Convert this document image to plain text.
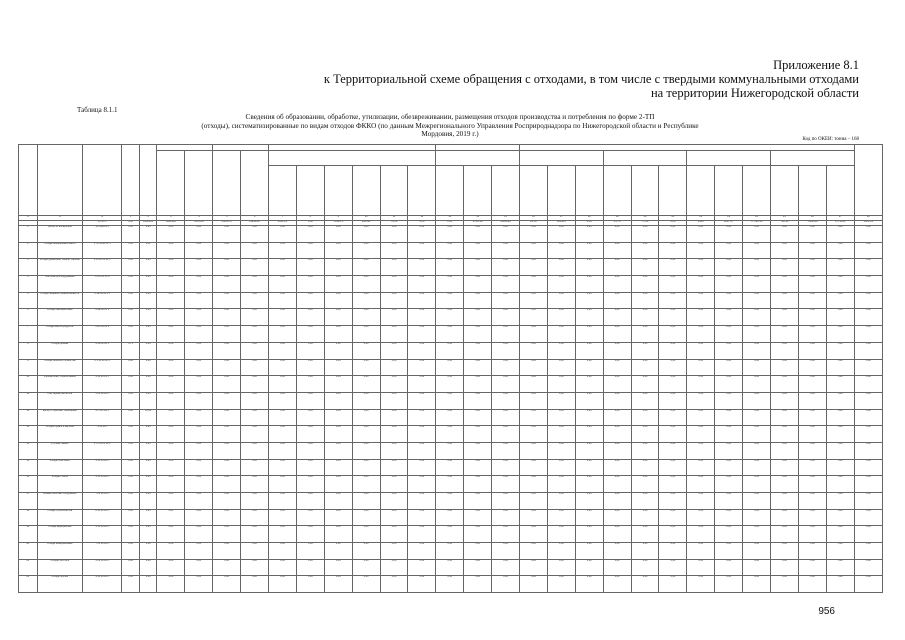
Приложение 8.1
к Территориальной схеме обращения с отходами, в том числе с твердыми коммунальными отходами
на территории Нижегородской области
Таблица 8.1.1
Сведения об образовании, обработке, утилизации, обезвреживании, размещения отходов производства и потребления по форме 2-ТП
(отходы), систематизированные по видам отходов ФККО (по данным Межрегионального Управления Росприроднадзора по Нижегородской области и Республике
Мордовия, 2019 г.)
Код по ОКЕИ: тонна – 168

А	Б	В	1	2	3	4	5	6	7	8	9	10	11	12	13	14	15	16	17	18	19	20	21	22	23	24	25	26	27	28
		ИТОГО	0,00	1960365	8902938	7205536	0086576	8880263	2021,25	0,00	7209975	248512	70,60	0,00	0,00	3790782	2009838	22,00	686305	0,00	41,76	77,88	0,00	4988	9287.07	77 022,16	730,44	7889539	2779858	2901,22
1	грибы, из аппаратной	у.о.граз.из.у	0,00	0,00	0,00	0,00	0,00	0,00	0,00	0,00	0,00	0,00	0,00	0,00	0,00	0,00	0,00	0,00	0,00	0,00	0,00	0,00	0,00	0,00	0,00	0,00	0,00	0,00	0,00	0,00
2	отходы минеральных масел	1 ПО 0011 11 3	0,00	0,41	0,00	0,00	0,00	0,00	0,41	0,00	0,00	0,00	0,00	0,00	0,00	0,00	0,00	0,00	0,00	0,00	0,00	0,00	0,00	0,00	0,00	0,00	0,00	0,00	0,00	0,00
3	отходы древесины, шпалы, обрезки	4 Ю 22 01 02 3	0,00	0,00	0,00	0,00	0,00	0,00	0,00	0,00	0,00	0,00	0,00	0,00	0,00	0,00	0,00	0,00	0,00	0,00	0,00	0,00	0,00	0,00	0,00	0,00	0,00	0,00	0,00	0,00
4	лом электрооборудования	4 ПО 21 15 3	0,00	0,00	0,00	0,00	0,00	0,00	0,00	0,00	0,00	0,00	0,00	0,00	0,00	0,00	0,00	0,00	0,00	0,00	0,00	0,00	0,00	0,00	0,00	0,00	0,00	0,00	0,00	0,00
5	отходы пищевой промышленности	6 1Е 00 00 0 5	0,00	0,00	0,00	0,00	0,00	0,00	0,00	0,00	0,00	0,00	0,00	0,00	0,00	0,00	0,00	0,00	0,00	0,00	0,00	0,00	0,00	0,00	0,00	0,00	0,00	0,00	0,00	0,00
6	отходы лакокрасочные	4 СЕ 00 21 5	0,00	0,00	0,00	0,00	0,00	0,00	0,00	0,00	0,00	0,00	0,00	0,00	0,00	0,00	0,00	0,00	0,00	0,00	0,00	0,00	0,00	0,00	0,00	0,00	0,00	0,00	0,00	0,00
7	отходы нефтепродуктов	4 ЗО 00 00 0	0,00	0,00	0,00	0,00	0,00	0,00	0,00	0,00	0,00	0,00	0,00	0,00	0,00	0,00	0,00	0,00	0,00	0,00	0,00	0,00	0,00	0,00	0,00	0,00	0,00	0,00	0,00	0,00
8	отходы резины	4 3Б 00 18 5	0,75	0,94	0,00	0,00	0,00	0,00	0,00	0,00	0,00	0,00	0,00	0,00	0,00	1,04	0,00	0,00	0,00	0,00	0,00	0,00	0,00	0,00	0,00	0,00	0,00	0,00	0,00	0,00
9	отходы сельского хозяйства	6 1 50 00 00 5	0,00	0,00	0,00	0,00	0,00	0,00	0,00	0,00	0,00	0,00	0,00	0,00	0,00	0,00	0,00	0,00	0,00	0,00	0,00	0,00	0,00	0,00	0,00	0,00	0,00	0,00	0,00	0,00
10	обрезки кожи, обработанной	4 40 00 01 5	0,00	0,00	0,00	0,00	0,00	0,00	0,00	0,00	0,00	0,00	0,00	0,00	0,00	0,00	0,00	0,00	0,00	0,00	0,00	0,00	0,00	0,00	0,00	0,00	0,00	0,00	0,00	0,00
11	лом черных металлов	4 61 00 00 0	0,00	0,00	0,00	0,00	0,00	0,00	0,00	0,00	0,00	0,00	0,00	0,00	0,00	0,00	0,00	0,00	0,00	0,00	0,00	0,00	0,00	0,00	0,00	0,00	0,00	0,00	0,00	0,00
12	мусор от офисных помещений	4 Р 0Ю 1Б 5	0,00	13,52	0,00	0,00	0,00	0,00	0,00	0,00	0,00	0,00	0,00	0,00	0,00	0,00	0,00	0,00	0,00	0,00	0,00	0,00	0,00	0,00	0,00	0,00	0,00	0,00	0,00	0,00
13	отходы бумаги и картона	4 05 Ы 0	0,00	0,00	0,00	0,00	0,00	0,00	0,00	0,00	0,00	0,00	0,00	0,00	0,00	0,00	0,00	0,00	0,00	0,00	0,00	0,00	0,00	0,00	0,00	0,00	0,00	0,00	0,00	0,00
14	ртутные лампы	4 71 01 01 52 1	0,00	0,00	0,00	0,00	0,00	0,00	0,00	0,00	0,00	0,00	0,00	0,00	0,00	0,00	0,00	0,00	0,00	0,00	0,00	0,00	0,00	0,00	0,00	0,00	0,00	0,00	0,00	0,00
15	отходы пластмасс	4 34 00 00 0	0,00	0,00	0,00	0,00	0,00	0,00	0,00	0,00	0,00	0,00	0,00	0,00	0,00	0,00	0,00	0,00	0,00	0,00	0,00	0,00	0,00	0,00	0,00	0,00	0,00	0,00	0,00	0,00
16	отходы стекла	4 51 00 00 0	0,00	0,00	0,00	0,00	0,00	0,00	0,00	0,00	0,00	0,00	0,00	0,00	0,00	0,00	0,00	0,00	0,00	0,00	0,00	0,00	0,00	0,00	0,00	0,00	0,00	0,00	0,00	0,00
17	шламы очистных сооружений	7 22 00 00 0	0,00	0,00	0,00	0,00	0,00	0,00	0,00	0,00	0,00	0,00	0,00	0,00	0,00	0,00	0,00	0,00	0,00	0,00	0,00	0,00	0,00	0,00	0,00	0,00	0,00	0,00	0,00	0,00
18	отходы строительства	8 90 00 00 0	0,00	0,00	0,00	0,00	0,00	0,00	0,00	0,00	0,00	0,00	0,00	0,00	0,00	0,00	0,00	0,00	0,00	0,00	0,00	0,00	0,00	0,00	0,00	0,00	0,00	0,00	0,00	0,00
19	отходы медицинские	9 10 00 00 0	0,00	0,00	0,00	0,00	0,00	0,00	0,00	0,00	0,00	0,00	0,00	0,00	0,00	0,00	0,00	0,00	0,00	0,00	0,00	0,00	0,00	0,00	0,00	0,00	0,00	0,00	0,00	0,00
20	отходы коммунальные	7 31 00 00 0	0,00	0,00	0,00	0,00	0,00	0,00	0,00	0,00	0,00	0,00	0,00	0,00	0,00	0,00	0,00	0,00	0,00	0,00	0,00	0,00	0,00	0,00	0,00	0,00	0,00	0,00	0,00	0,00
21	отходы текстиля	4 02 00 00 0	0,00	0,00	0,00	0,00	0,00	0,00	0,00	0,00	0,00	0,00	0,00	0,00	0,00	0,00	0,00	0,00	0,00	0,00	0,00	0,00	0,00	0,00	0,00	0,00	0,00	0,00	0,00	0,00
22	отходы прочие	9 90 00 00 0	0,00	0,00	0,00	0,00	0,00	0,00	0,00	0,00	0,00	0,00	0,00	0,00	0,00	0,00	0,00	0,00	0,00	0,00	0,00	0,00	0,00	0,00	0,00	0,00	0,00	0,00	0,00	0,00
956
